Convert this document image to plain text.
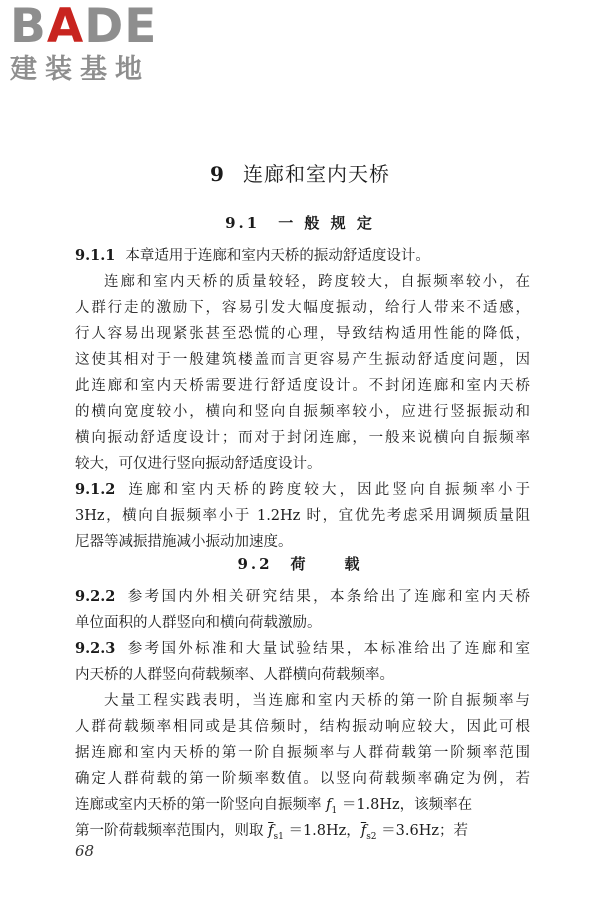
BADE
建装基地
9 连廊和室内天桥
9.1　一 般 规 定
9.1.1 本章适用于连廊和室内天桥的振动舒适度设计。
连廊和室内天桥的质量较轻，跨度较大，自振频率较小，在
人群行走的激励下，容易引发大幅度振动，给行人带来不适感，
行人容易出现紧张甚至恐慌的心理，导致结构适用性能的降低，
这使其相对于一般建筑楼盖而言更容易产生振动舒适度问题，因
此连廊和室内天桥需要进行舒适度设计。不封闭连廊和室内天桥
的横向宽度较小，横向和竖向自振频率较小，应进行竖振振动和
横向振动舒适度设计；而对于封闭连廊，一般来说横向自振频率
较大，可仅进行竖向振动舒适度设计。
9.1.2 连廊和室内天桥的跨度较大，因此竖向自振频率小于
3Hz，横向自振频率小于 1.2Hz 时，宜优先考虑采用调频质量阻
尼器等减振措施减小振动加速度。
9.2　荷　　载
9.2.2 参考国内外相关研究结果，本条给出了连廊和室内天桥
单位面积的人群竖向和横向荷载激励。
9.2.3 参考国外标准和大量试验结果，本标准给出了连廊和室
内天桥的人群竖向荷载频率、人群横向荷载频率。
大量工程实践表明，当连廊和室内天桥的第一阶自振频率与
人群荷载频率相同或是其倍频时，结构振动响应较大，因此可根
据连廊和室内天桥的第一阶自振频率与人群荷载第一阶频率范围
确定人群荷载的第一阶频率数值。以竖向荷载频率确定为例，若
连廊或室内天桥的第一阶竖向自振频率 $f_1 =1.8Hz$，该频率在
第一阶荷载频率范围内，则取 $\overline{f}_{s1} =1.8Hz$，$\overline{f}_{s2} =3.6Hz$；若
68
